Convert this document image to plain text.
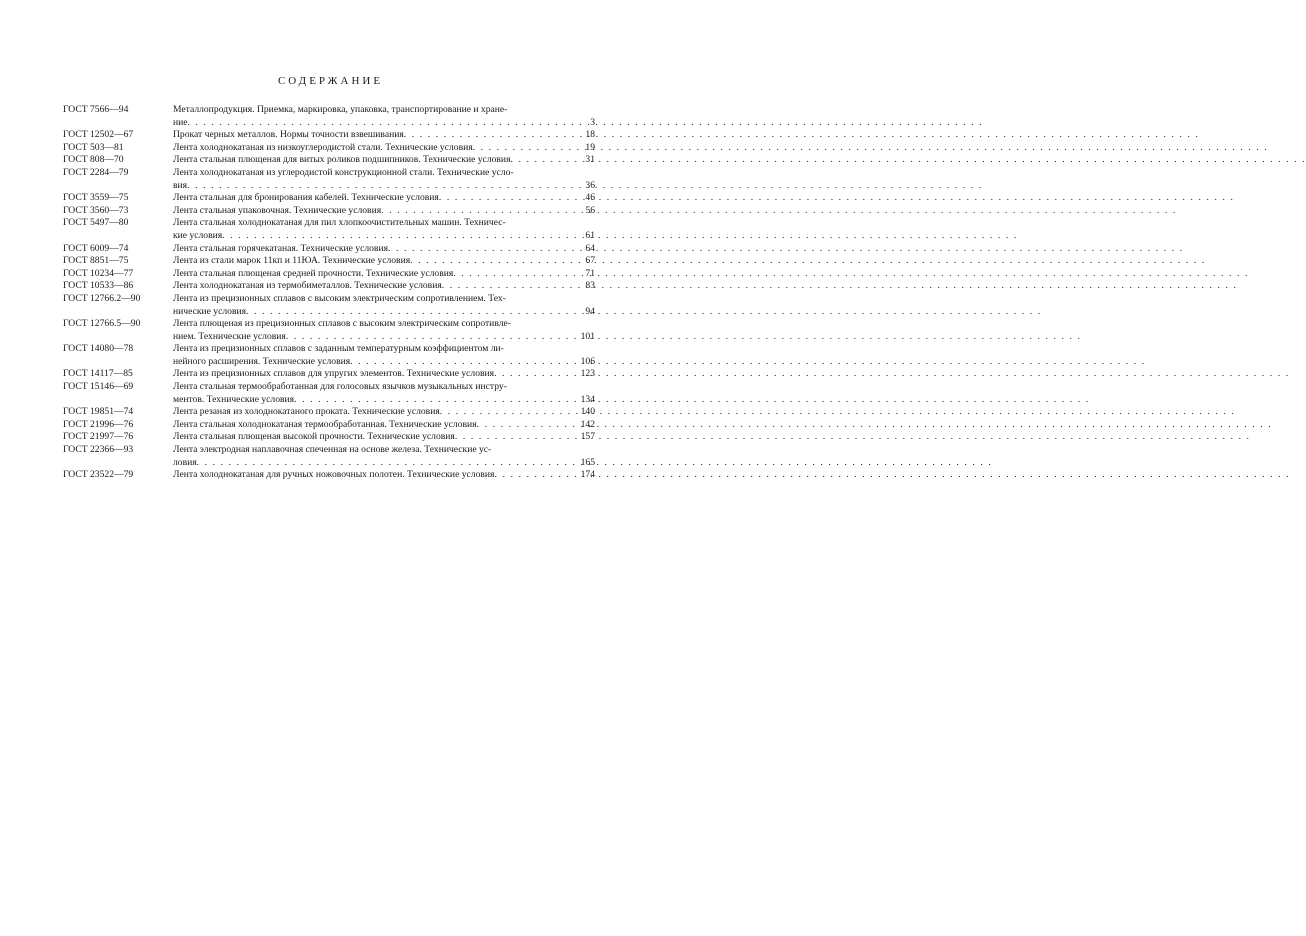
СОДЕРЖАНИЕ
ГОСТ 7566—94	Металлопродукция. Приемка, маркировка, упаковка, транспортирование и хране-
ние . . .	3
ГОСТ 12502—67	Прокат черных металлов. Нормы точности взвешивания . . .	18
ГОСТ 503—81	Лента холоднокатаная из низкоуглеродистой стали. Технические условия . . .	19
ГОСТ 808—70	Лента стальная плющеная для витых роликов подшипников. Технические условия . . .	31
ГОСТ 2284—79	Лента холоднокатаная из углеродистой конструкционной стали. Технические усло-
вия . . .	36
ГОСТ 3559—75	Лента стальная для бронирования кабелей. Технические условия . . .	46
ГОСТ 3560—73	Лента стальная упаковочная. Технические условия . . .	56
ГОСТ 5497—80	Лента стальная холоднокатаная для пил хлопкоочистительных машин. Техничес-
кие условия . . .	61
ГОСТ 6009—74	Лента стальная горячекатаная. Технические условия . . .	64
ГОСТ 8851—75	Лента из стали марок 11кп и 11ЮА. Технические условия . . .	67
ГОСТ 10234—77	Лента стальная плющеная средней прочности. Технические условия . . .	71
ГОСТ 10533—86	Лента холоднокатаная из термобиметаллов. Технические условия . . .	83
ГОСТ 12766.2—90	Лента из прецизионных сплавов с высоким электрическим сопротивлением. Тех-
нические условия . . .	94
ГОСТ 12766.5—90	Лента плющеная из прецизионных сплавов с высоким электрическим сопротивле-
нием. Технические условия . . .	101
ГОСТ 14080—78	Лента из прецизионных сплавов с заданным температурным коэффициентом ли-
нейного расширения. Технические условия . . .	106
ГОСТ 14117—85	Лента из прецизионных сплавов для упругих элементов. Технические условия . . .	123
ГОСТ 15146—69	Лента стальная термообработанная для голосовых язычков музыкальных инстру-
ментов. Технические условия . . .	134
ГОСТ 19851—74	Лента резаная из холоднокатаного проката. Технические условия . . .	140
ГОСТ 21996—76	Лента стальная холоднокатаная термообработанная. Технические условия . . .	142
ГОСТ 21997—76	Лента стальная плющеная высокой прочности. Технические условия . . .	157
ГОСТ 22366—93	Лента электродная наплавочная спеченная на основе железа. Технические ус-
ловия . . .	165
ГОСТ 23522—79	Лента холоднокатаная для ручных ножовочных полотен. Технические условия . . .	174
